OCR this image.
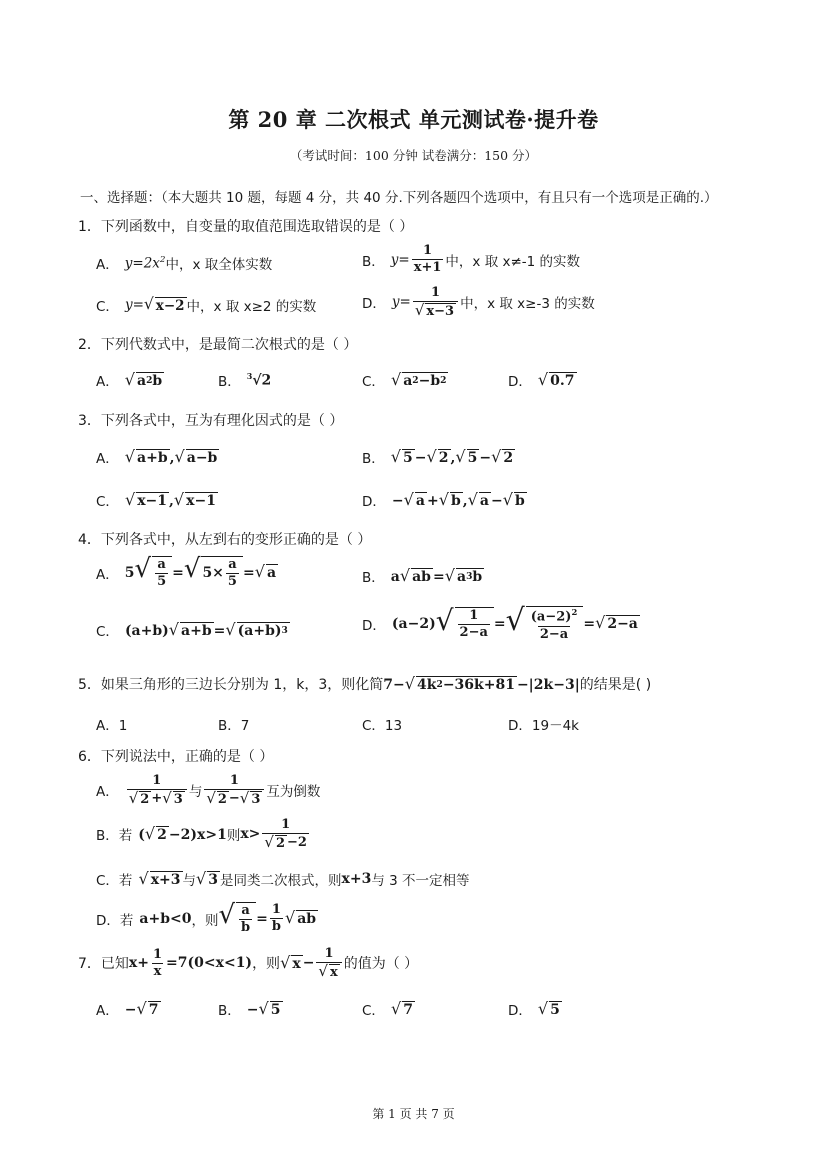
第 20 章 二次根式 单元测试卷·提升卷
（考试时间：100 分钟 试卷满分：150 分）
一、选择题：（本大题共 10 题，每题 4 分，共 40 分.下列各题四个选项中，有且只有一个选项是正确的.）
1．下列函数中，自变量的取值范围选取错误的是（ ）
A． $y=2x^2$ 中，x 取全体实数	B． $y= \frac{1}{x+1}$ 中，x 取 x≠-1 的实数
C． y= √ x−2 中，x 取 x≥2 的实数	D． $y= \frac{1}{√ x-3}$ 中，x 取 x≥-3 的实数
2．下列代数式中，是最简二次根式的是（ ）
A． √ a 2 b	B． $^3$√2	C． √ a 2 −b 2	D． √ 0.7
3．下列各式中，互为有理化因式的是（ ）
A． √ a+b , √ a−b	B． √ 5 − √ 2 , √ 5 − √ 2
C． √ x−1 , √ x−1	D． − √ a + √ b , √ a − √ b
4．下列各式中，从左到右的变形正确的是（ ）
A． 5 √ $\frac{a}{5}$ = √ $5\times \frac{a}{5}$ = √ a	B． a √ ab = √ a 3 b
C． (a+b) √ a+b = √ (a+b) 3	D． (a−2) √ $\frac{1}{2-a}$ = √ $\frac{(a-2)^2}{2-a}$ = √ 2−a
5．如果三角形的三边长分别为 1，k，3，则化简 7− √ 4k 2 −36k+81 −|2k−3| 的结果是( )
A．1	B．7	C．13	D．19－4k
6．下列说法中，正确的是（ ）
A． $\frac{1}{√ 2 + √ 3}$ 与 $\frac{1}{√ 2 - √ 3}$ 互为倒数
B．若 ( √ 2 −2)x>1 则 $x> \frac{1}{√ 2 -2}$
C．若 √ x+3 与 √ 3 是同类二次根式，则 x+3 与 3 不一定相等
D．若 a+b<0 ，则 √ $\frac{a}{b} = \frac{1}{b}$ √ ab
7．已知 $x+ \frac{1}{x} =7(0<x<1)$ ，则 √ $x - \frac{1}{√ x}$ 的值为（ ）
A． − √ 7	B． − √ 5	C． √ 7	D． √ 5
第 1 页 共 7 页
